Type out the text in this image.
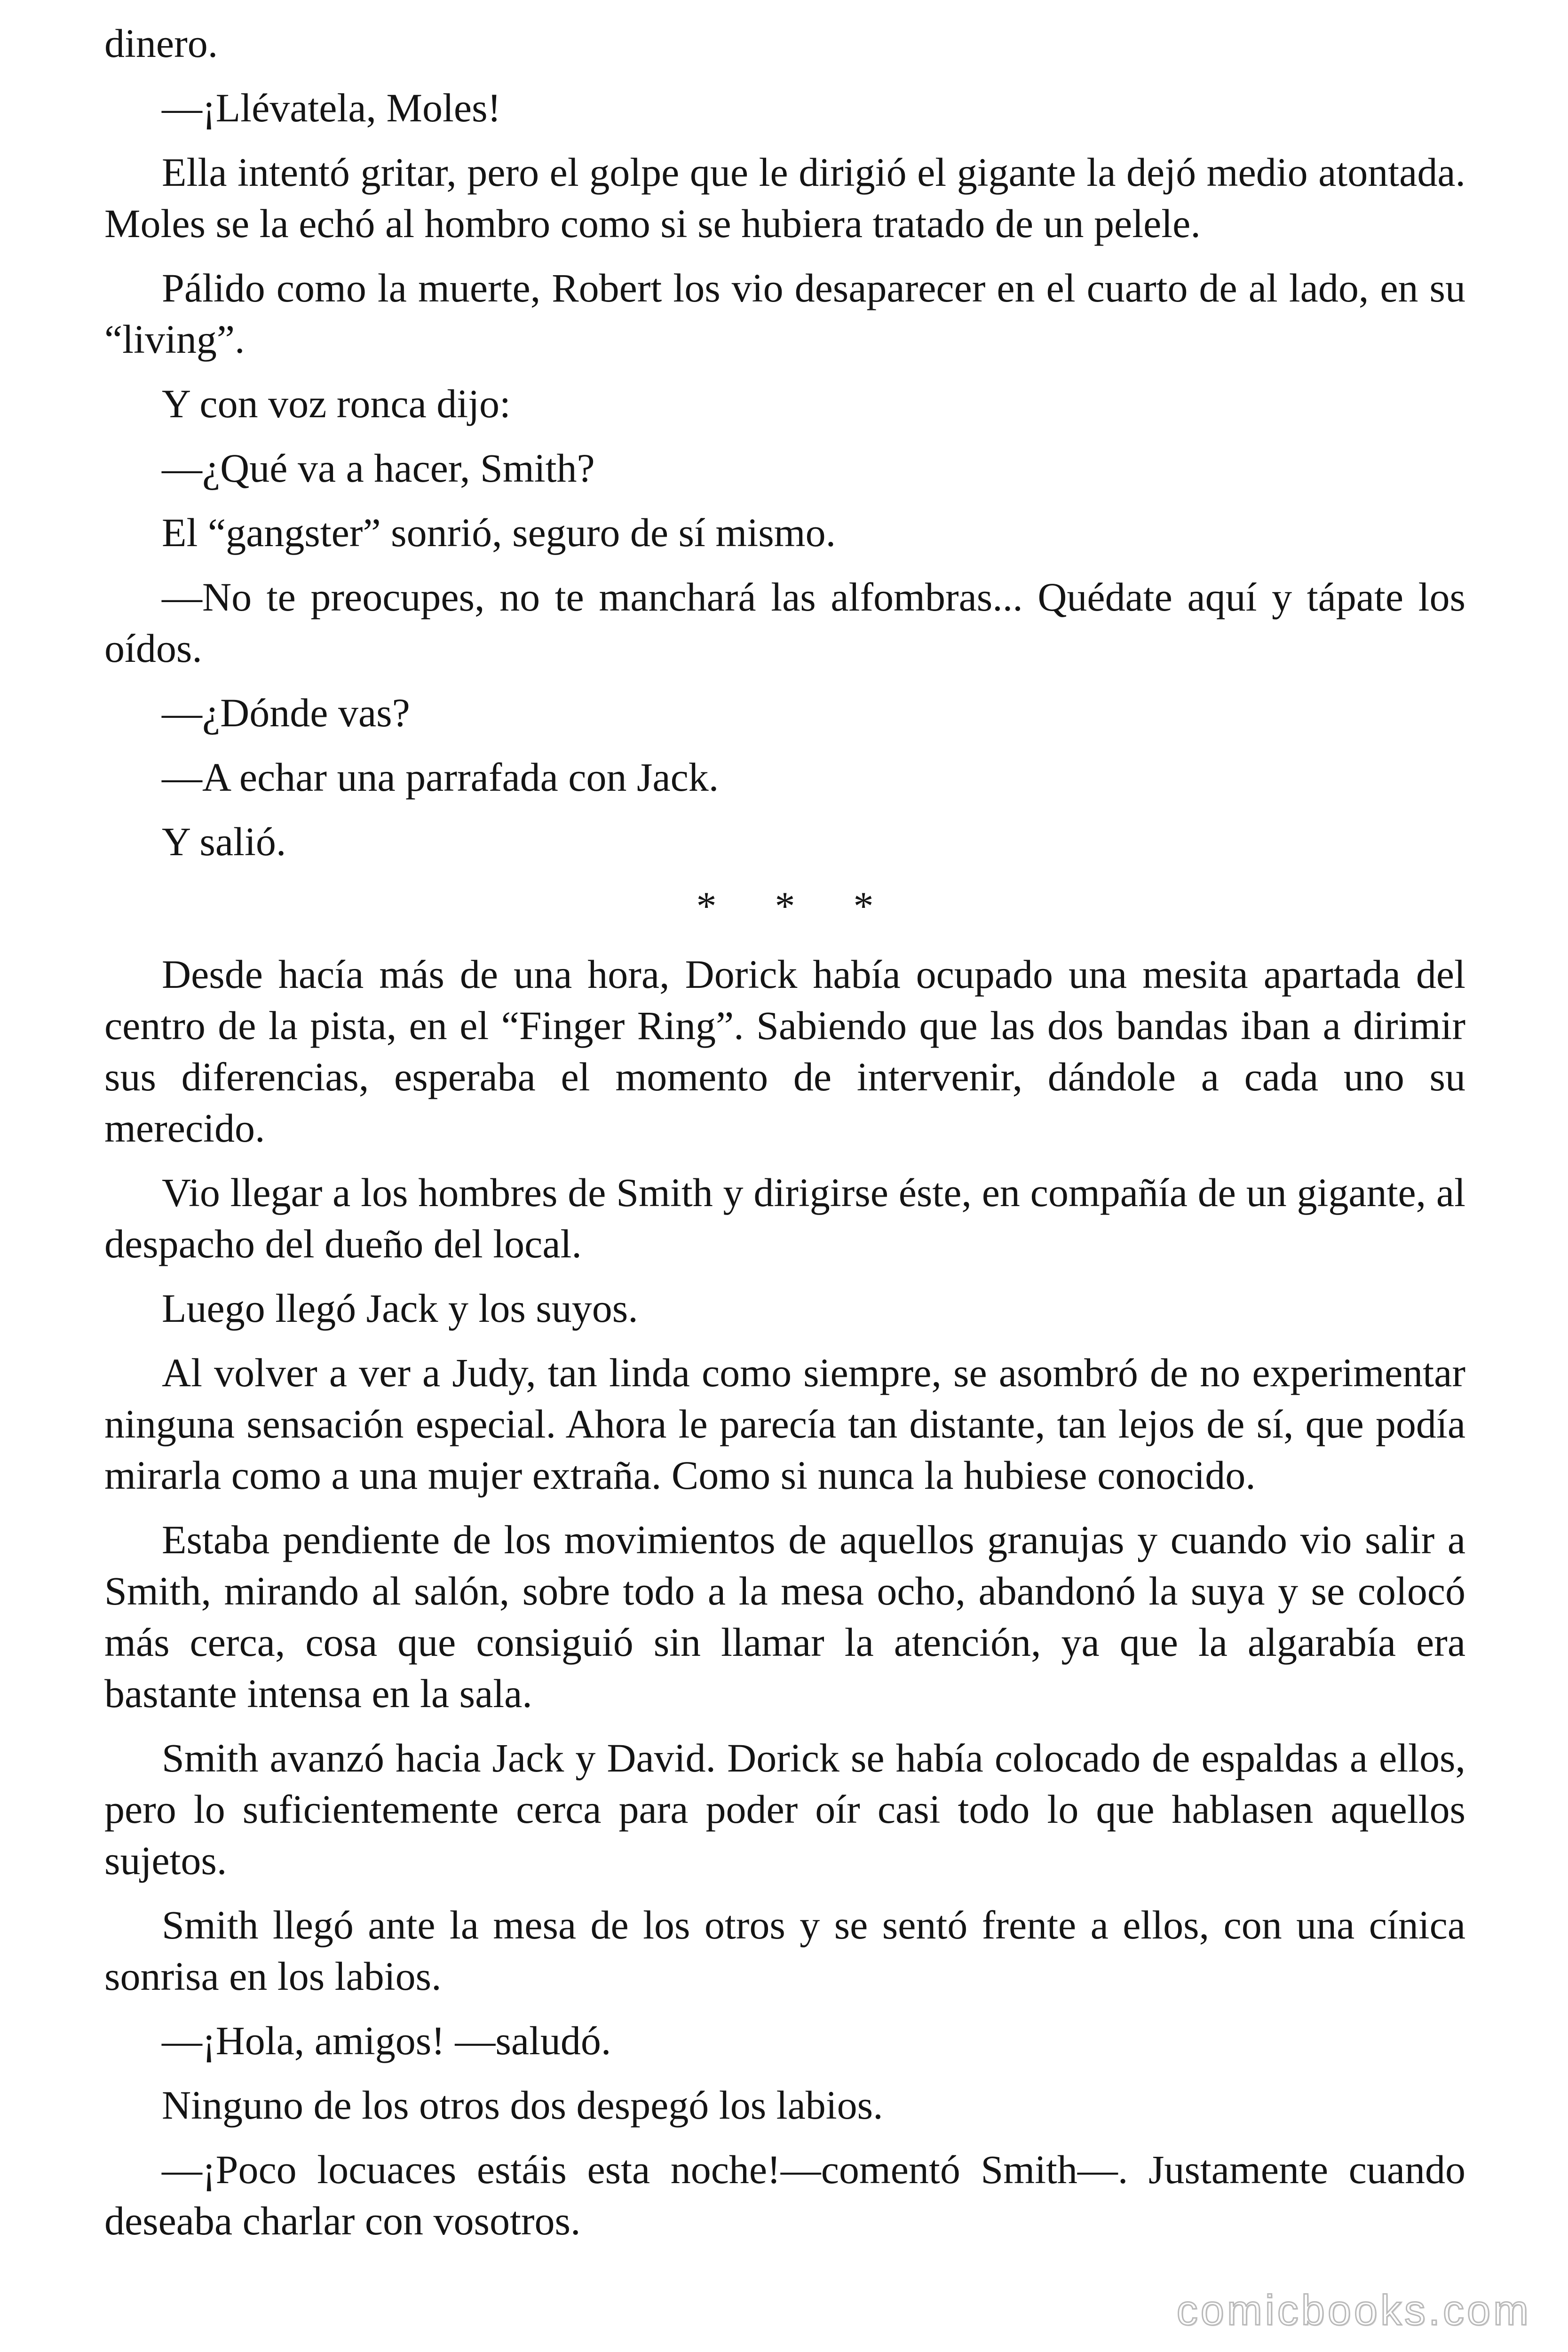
dinero.

—¡Llévatela, Moles!

Ella intentó gritar, pero el golpe que le dirigió el gigante la dejó medio atontada. Moles se la echó al hombro como si se hubiera tratado de un pelele.

Pálido como la muerte, Robert los vio desaparecer en el cuarto de al lado, en su “living”.

Y con voz ronca dijo:

—¿Qué va a hacer, Smith?

El “gangster” sonrió, seguro de sí mismo.

—No te preocupes, no te manchará las alfombras... Quédate aquí y tápate los oídos.

—¿Dónde vas?

—A echar una parrafada con Jack.

Y salió.

* * *

Desde hacía más de una hora, Dorick había ocupado una mesita apartada del centro de la pista, en el “Finger Ring”. Sabiendo que las dos bandas iban a dirimir sus diferencias, esperaba el momento de intervenir, dándole a cada uno su merecido.

Vio llegar a los hombres de Smith y dirigirse éste, en compañía de un gigante, al despacho del dueño del local.

Luego llegó Jack y los suyos.

Al volver a ver a Judy, tan linda como siempre, se asombró de no experimentar ninguna sensación especial. Ahora le parecía tan distante, tan lejos de sí, que podía mirarla como a una mujer extraña. Como si nunca la hubiese conocido.

Estaba pendiente de los movimientos de aquellos granujas y cuando vio salir a Smith, mirando al salón, sobre todo a la mesa ocho, abandonó la suya y se colocó más cerca, cosa que consiguió sin llamar la atención, ya que la algarabía era bastante intensa en la sala.

Smith avanzó hacia Jack y David. Dorick se había colocado de espaldas a ellos, pero lo suficientemente cerca para poder oír casi todo lo que hablasen aquellos sujetos.

Smith llegó ante la mesa de los otros y se sentó frente a ellos, con una cínica sonrisa en los labios.

—¡Hola, amigos! —saludó.

Ninguno de los otros dos despegó los labios.

—¡Poco locuaces estáis esta noche!—comentó Smith—. Justamente cuando deseaba charlar con vosotros.

comicbooks.com
